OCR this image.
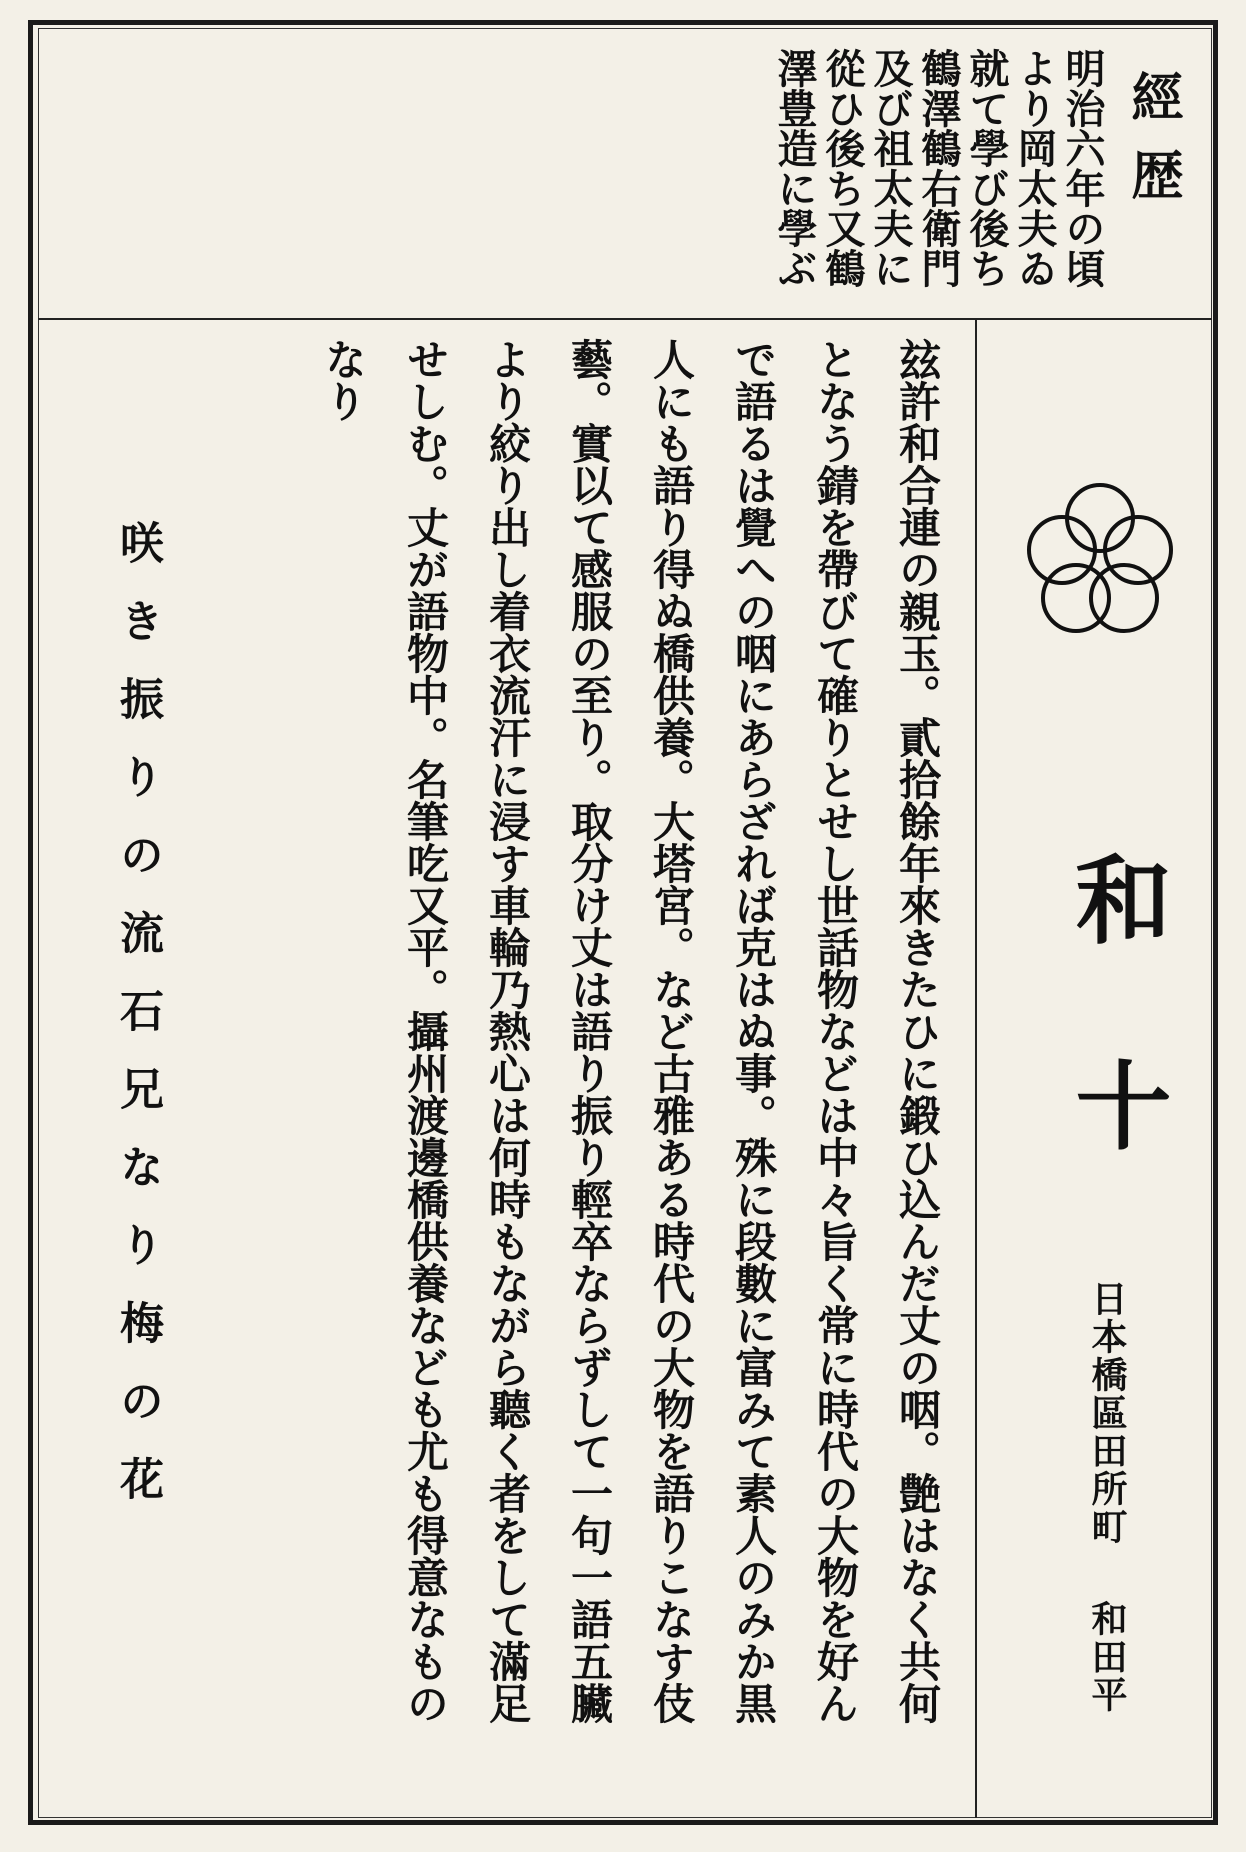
經歴
明治六年の頃
より岡太夫ゐ
就て學び後ち
鶴澤鶴右衛門
及び祖太夫に
從ひ後ち又鶴
澤豊造に學ぶ
和十
日本橋區田所町
和田平
玆許和合連の親玉。貳拾餘年來きたひに鍛ひ込んだ丈の咽。艶はなく共何
となう錆を帶びて確りとせし世話物などは中々旨く常に時代の大物を好ん
で語るは覺への咽にあらざれば克はぬ事。殊に段數に富みて素人のみか黒
人にも語り得ぬ橋供養。大塔宮。など古雅ある時代の大物を語りこなす伎
藝。實以て感服の至り。取分け丈は語り振り輕卒ならずして一句一語五臟
より絞り出し着衣流汗に浸す車輪乃熱心は何時もながら聽く者をして滿足
せしむ。丈が語物中。名筆吃又平。攝州渡邊橋供養なども尤も得意なもの
なり
咲き振りの流石兄なり梅の花
